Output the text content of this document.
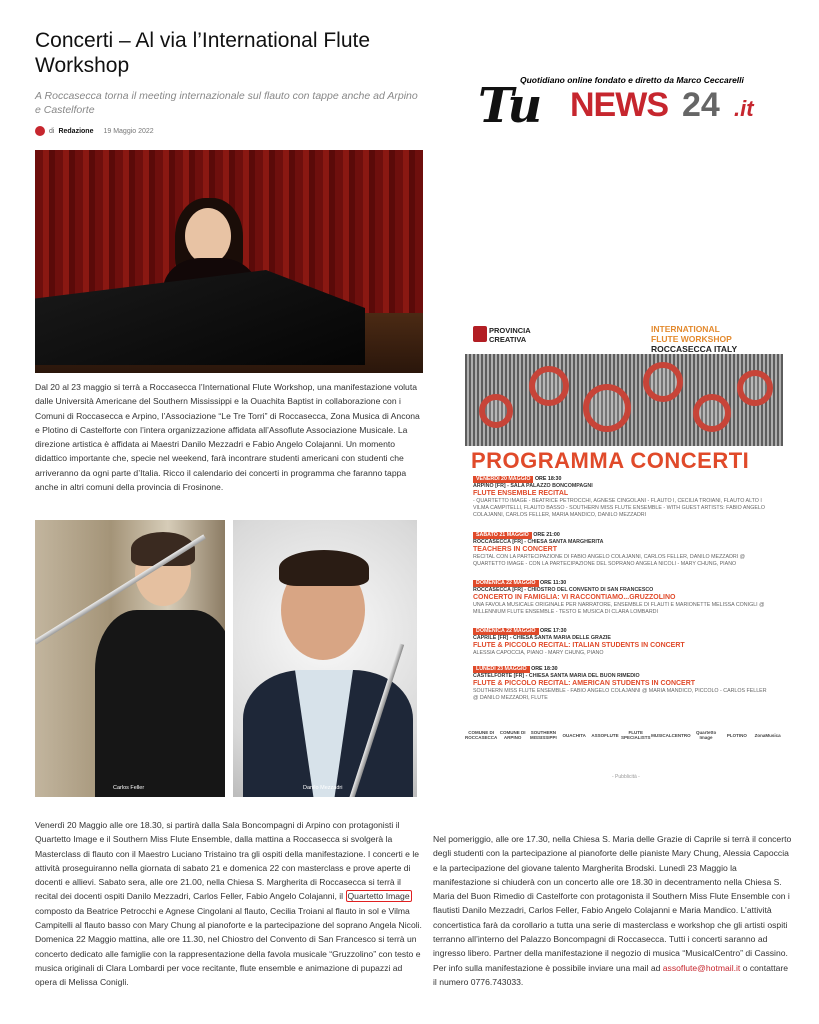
Concerti – Al via l’International Flute Workshop

A Roccasecca torna il meeting internazionale sul flauto con tappe anche ad Arpino e Castelforte

di Redazione 19 Maggio 2022
Quotidiano online fondato e diretto da Marco Ceccarelli
Tu NEWS 24 .it

Dal 20 al 23 maggio si terrà a Roccasecca l’International Flute Workshop, una manifestazione voluta dalle Università Americane del Southern Mississippi e la Ouachita Baptist in collaborazione con i Comuni di Roccasecca e Arpino, l’Associazione “Le Tre Torri” di Roccasecca, Zona Musica di Ancona e Plotino di Castelforte con l’intera organizzazione affidata all’Assoflute Associazione Musicale. La direzione artistica è affidata ai Maestri Danilo Mezzadri e Fabio Angelo Colajanni. Un momento didattico importante che, specie nel weekend, farà incontrare studenti americani con studenti che arriveranno da ogni parte d’Italia. Ricco il calendario dei concerti in programma che faranno tappa anche in altri comuni della provincia di Frosinone.

Carlos Feller	Danilo Mezzadri
PROVINCIA
CREATIVA
INTERNATIONAL
FLUTE WORKSHOP
ROCCASECCA ITALY
PROGRAMMA CONCERTI
VENERDÌ 20 MAGGIO ORE 18:30
ARPINO [FR] - SALA PALAZZO BONCOMPAGNI
FLUTE ENSEMBLE RECITAL
- QUARTETTO IMAGE - BEATRICE PETROCCHI, AGNESE CINGOLANI - FLAUTO I, CECILIA TROIANI, FLAUTO ALTO I VILMA CAMPITELLI, FLAUTO BASSO - SOUTHERN MISS FLUTE ENSEMBLE - WITH GUEST ARTISTS: FABIO ANGELO COLAJANNI, CARLOS FELLER, MARIA MANDICO, DANILO MEZZADRI
SABATO 21 MAGGIO ORE 21:00
ROCCASECCA [FR] - CHIESA SANTA MARGHERITA
TEACHERS IN CONCERT
RECITAL CON LA PARTECIPAZIONE DI FABIO ANGELO COLAJANNI, CARLOS FELLER, DANILO MEZZADRI @ QUARTETTO IMAGE - CON LA PARTECIPAZIONE DEL SOPRANO ANGELA NICOLI - MARY CHUNG, PIANO
DOMENICA 22 MAGGIO ORE 11:30
ROCCASECCA [FR] - CHIOSTRO DEL CONVENTO DI SAN FRANCESCO
CONCERTO IN FAMIGLIA: VI RACCONTIAMO...GRUZZOLINO
UNA FAVOLA MUSICALE ORIGINALE PER NARRATORE, ENSEMBLE DI FLAUTI E MARIONETTE MELISSA CONIGLI @ MILLENNIUM FLUTE ENSEMBLE - TESTO E MUSICA DI CLARA LOMBARDI
DOMENICA 22 MAGGIO ORE 17:30
CAPRILE [FR] - CHIESA SANTA MARIA DELLE GRAZIE
FLUTE & PICCOLO RECITAL: ITALIAN STUDENTS IN CONCERT
ALESSIA CAPOCCIA, PIANO - MARY CHUNG, PIANO
LUNEDÌ 23 MAGGIO ORE 18:30
CASTELFORTE [FR] - CHIESA SANTA MARIA DEL BUON RIMEDIO
FLUTE & PICCOLO RECITAL: AMERICAN STUDENTS IN CONCERT
SOUTHERN MISS FLUTE ENSEMBLE - FABIO ANGELO COLAJANNI @ MARIA MANDICO, PICCOLO - CARLOS FELLER @ DANILO MEZZADRI, FLUTE
COMUNE DI ROCCASECCA
COMUNE DI ARPINO
SOUTHERN MISSISSIPPI	OUACHITA	ASSOFLUTE	FLUTE SPECIALISTS MUSICALCENTRO	Quartetto Image	PLOTINO	ZonaMusica
- Pubblicità -

Venerdì 20 Maggio alle ore 18.30, si partirà dalla Sala Boncompagni di Arpino con protagonisti il Quartetto Image e il Southern Miss Flute Ensemble, dalla mattina a Roccasecca si svolgerà la Masterclass di flauto con il Maestro Luciano Tristaino tra gli ospiti della manifestazione. I concerti e le attività proseguiranno nella giornata di sabato 21 e domenica 22 con masterclass e prove aperte di docenti e allievi. Sabato sera, alle ore 21.00, nella Chiesa S. Margherita di Roccasecca si terrà il recital dei docenti ospiti Danilo Mezzadri, Carlos Feller, Fabio Angelo Colajanni, il Quartetto Image composto da Beatrice Petrocchi e Agnese Cingolani al flauto, Cecilia Troiani al flauto in sol e Vilma Campitelli al flauto basso con Mary Chung al pianoforte e la partecipazione del soprano Angela Nicoli. Domenica 22 Maggio mattina, alle ore 11.30, nel Chiostro del Convento di San Francesco si terrà un concerto dedicato alle famiglie con la rappresentazione della favola musicale “Gruzzolino” con testo e musica originali di Clara Lombardi per voce recitante, flute ensemble e animazione di pupazzi ad opera di Melissa Conigli.

Nel pomeriggio, alle ore 17.30, nella Chiesa S. Maria delle Grazie di Caprile si terrà il concerto degli studenti con la partecipazione al pianoforte delle pianiste Mary Chung, Alessia Capoccia e la partecipazione del giovane talento Margherita Brodski. Lunedì 23 Maggio la manifestazione si chiuderà con un concerto alle ore 18.30 in decentramento nella Chiesa S. Maria del Buon Rimedio di Castelforte con protagonista il Southern Miss Flute Ensemble con i flautisti Danilo Mezzadri, Carlos Feller, Fabio Angelo Colajanni e Maria Mandico. L’attività concertistica farà da corollario a tutta una serie di masterclass e workshop che gli artisti ospiti terranno all’interno del Palazzo Boncompagni di Roccasecca. Tutti i concerti saranno ad ingresso libero. Partner della manifestazione il negozio di musica “MusicalCentro” di Cassino. Per info sulla manifestazione è possibile inviare una mail ad assoflute@hotmail.it o contattare il numero 0776.743033.
